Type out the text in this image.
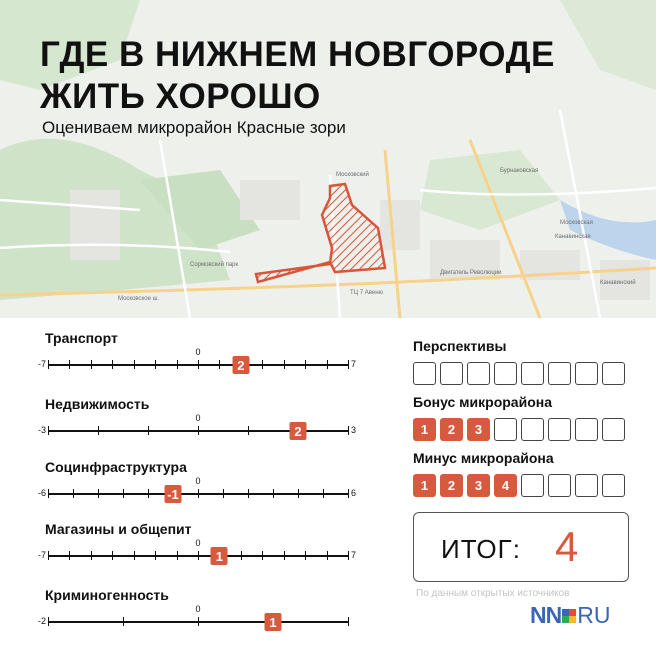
Московский
Московское ш.
Бурнаковская
Канавинская
Двигатель Революции
Сормовский парк
Московская
Канавинский
ТЦ 7 Авеню
ГДЕ В НИЖНЕМ НОВГОРОДЕ
ЖИТЬ ХОРОШО
Оцениваем микрорайон Красные зори
Транспорт
-7
0
7
2
Недвижимость
-3
0
3
2
Социнфраструктура
-6
0
6
-1
Магазины и общепит
-7
0
7
1
Криминогенность
-2
0
1
Перспективы
Бонус микрорайона
1	2	3
Минус микрорайона
1	2	3	4
ИТОГ: 4
По данным открытых источников
NN RU
